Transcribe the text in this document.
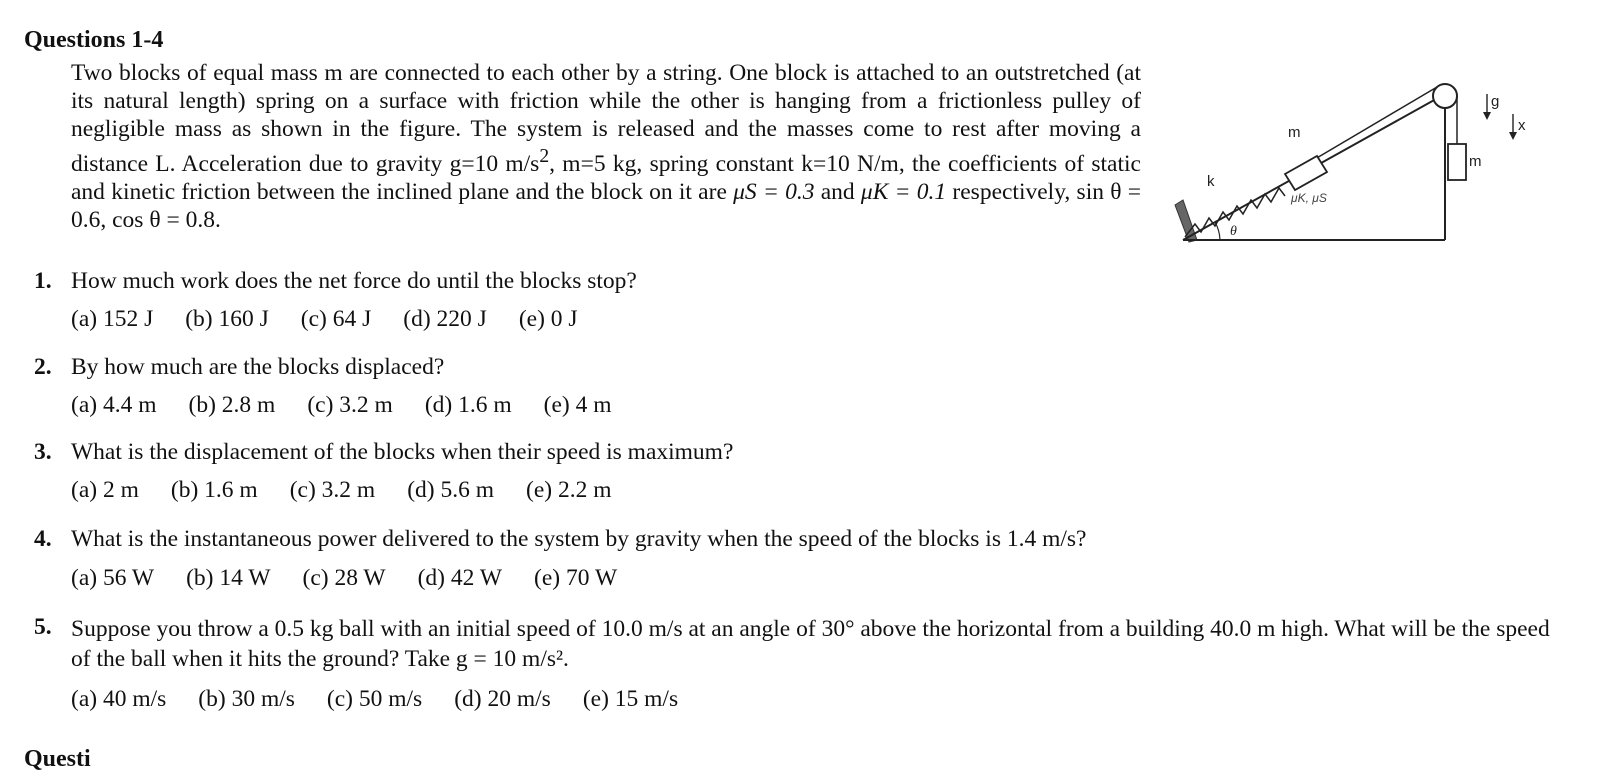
Questions 1-4
Two blocks of equal mass m are connected to each other by a string. One block is attached to an outstretched (at its natural length) spring on a surface with friction while the other is hanging from a frictionless pulley of negligible mass as shown in the figure. The system is released and the masses come to rest after moving a distance L. Acceleration due to gravity g=10 $m/s^2$, m=5 kg, spring constant k=10 N/m, the coefficients of static and kinetic friction between the inclined plane and the block on it are μS = 0.3 and μK = 0.1 respectively, sin θ = 0.6, cos θ = 0.8.
m
k
μK, μS
θ
m
g
x
1. How much work does the net force do until the blocks stop?
(a) 152 J (b) 160 J (c) 64 J (d) 220 J (e) 0 J
2. By how much are the blocks displaced?
(a) 4.4 m (b) 2.8 m (c) 3.2 m (d) 1.6 m (e) 4 m
3. What is the displacement of the blocks when their speed is maximum?
(a) 2 m (b) 1.6 m (c) 3.2 m (d) 5.6 m (e) 2.2 m
4. What is the instantaneous power delivered to the system by gravity when the speed of the blocks is 1.4 m/s?
(a) 56 W (b) 14 W (c) 28 W (d) 42 W (e) 70 W
5. Suppose you throw a 0.5 kg ball with an initial speed of 10.0 m/s at an angle of 30° above the horizontal from a building 40.0 m high. What will be the speed of the ball when it hits the ground? Take g = 10 m/s².
(a) 40 m/s (b) 30 m/s (c) 50 m/s (d) 20 m/s (e) 15 m/s
Questi
